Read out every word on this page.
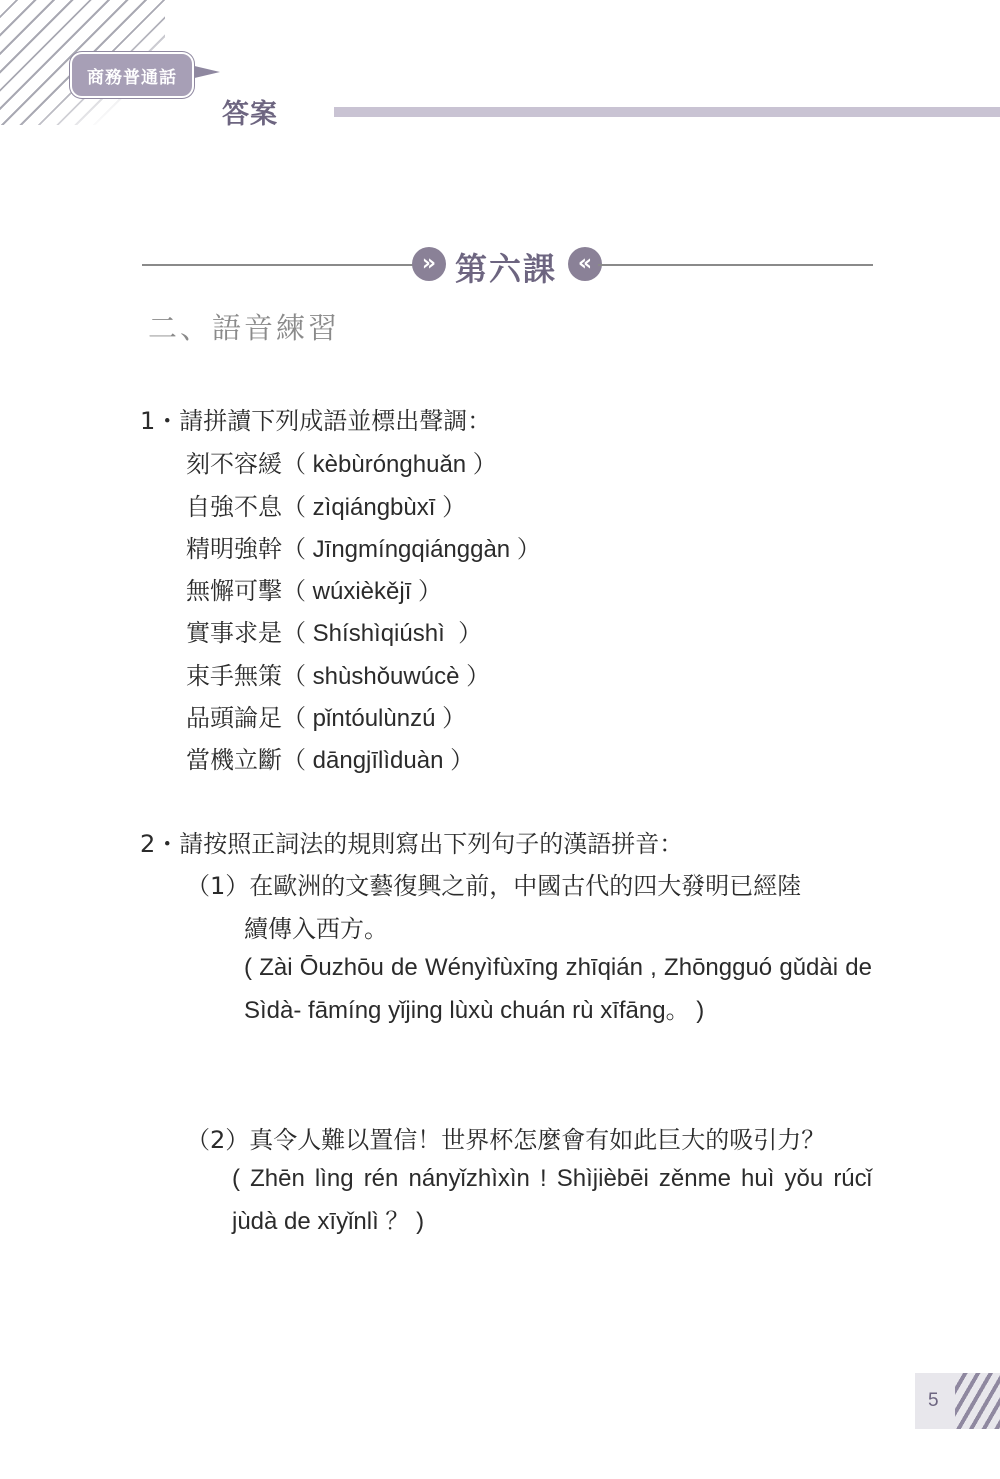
商務普通話
答案
» 第六課 «
二、語音練習
1・請拼讀下列成語並標出聲調：
刻不容緩（ kèbùrónghuǎn ）
自強不息（ zìqiángbùxī ）
精明強幹（ Jīngmíngqiánggàn ）
無懈可擊（ wúxièkějī ）
實事求是（ Shíshìqiúshì  ）
束手無策（ shùshǒuwúcè ）
品頭論足（ pǐntóulùnzú ）
當機立斷（ dāngjīlìduàn ）
2・請按照正詞法的規則寫出下列句子的漢語拼音：
（1）在歐洲的文藝復興之前，中國古代的四大發明已經陸
續傳入西方。
( Zài Ōuzhōu de Wényìfùxīng zhīqián , Zhōngguó gǔdài de Sìdà- fāmíng yǐjing lùxù chuán rù xīfāng。 )
（2）真令人難以置信！世界杯怎麼會有如此巨大的吸引力？
( Zhēn lìng rén nányǐzhìxìn ! Shìjièbēi zěnme huì yǒu rúcǐ jùdà de xīyǐnlì ？ )
5
